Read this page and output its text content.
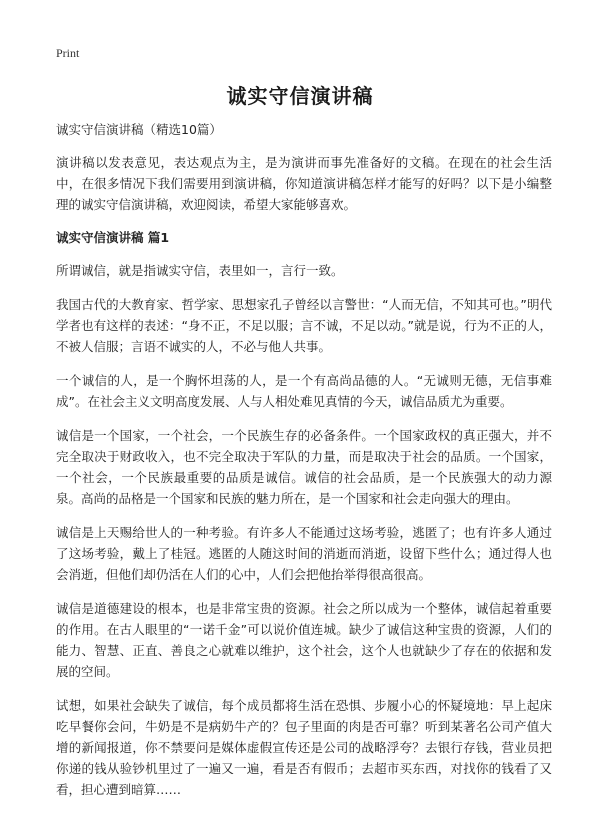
Print
诚实守信演讲稿

诚实守信演讲稿（精选10篇）

演讲稿以发表意见，表达观点为主，是为演讲而事先准备好的文稿。在现在的社会生活中，在很多情况下我们需要用到演讲稿，你知道演讲稿怎样才能写的好吗？以下是小编整理的诚实守信演讲稿，欢迎阅读，希望大家能够喜欢。

诚实守信演讲稿 篇1

所谓诚信，就是指诚实守信，表里如一，言行一致。

我国古代的大教育家、哲学家、思想家孔子曾经以言警世：“人而无信，不知其可也。”明代学者也有这样的表述：“身不正，不足以服；言不诚，不足以动。”就是说，行为不正的人，不被人信服；言语不诚实的人，不必与他人共事。

一个诚信的人，是一个胸怀坦荡的人，是一个有高尚品德的人。“无诚则无德，无信事难成”。在社会主义文明高度发展、人与人相处难见真情的今天，诚信品质尤为重要。

诚信是一个国家，一个社会，一个民族生存的必备条件。一个国家政权的真正强大，并不完全取决于财政收入，也不完全取决于军队的力量，而是取决于社会的品质。一个国家，一个社会，一个民族最重要的品质是诚信。诚信的社会品质，是一个民族强大的动力源泉。高尚的品格是一个国家和民族的魅力所在，是一个国家和社会走向强大的理由。

诚信是上天赐给世人的一种考验。有许多人不能通过这场考验，逃匿了；也有许多人通过了这场考验，戴上了桂冠。逃匿的人随这时间的消逝而消逝，设留下些什么；通过得人也会消逝，但他们却仍活在人们的心中，人们会把他抬举得很高很高。

诚信是道德建设的根本，也是非常宝贵的资源。社会之所以成为一个整体，诚信起着重要的作用。在古人眼里的“一诺千金”可以说价值连城。缺少了诚信这种宝贵的资源，人们的能力、智慧、正直、善良之心就难以维护，这个社会，这个人也就缺少了存在的依据和发展的空间。

试想，如果社会缺失了诚信，每个成员都将生活在恐惧、步履小心的怀疑境地：早上起床吃早餐你会问，牛奶是不是病奶牛产的？包子里面的肉是否可靠？听到某著名公司产值大增的新闻报道，你不禁要问是媒体虚假宣传还是公司的战略浮夸？去银行存钱，营业员把你递的钱从验钞机里过了一遍又一遍，看是否有假币；去超市买东西，对找你的钱看了又看，担心遭到暗算……
